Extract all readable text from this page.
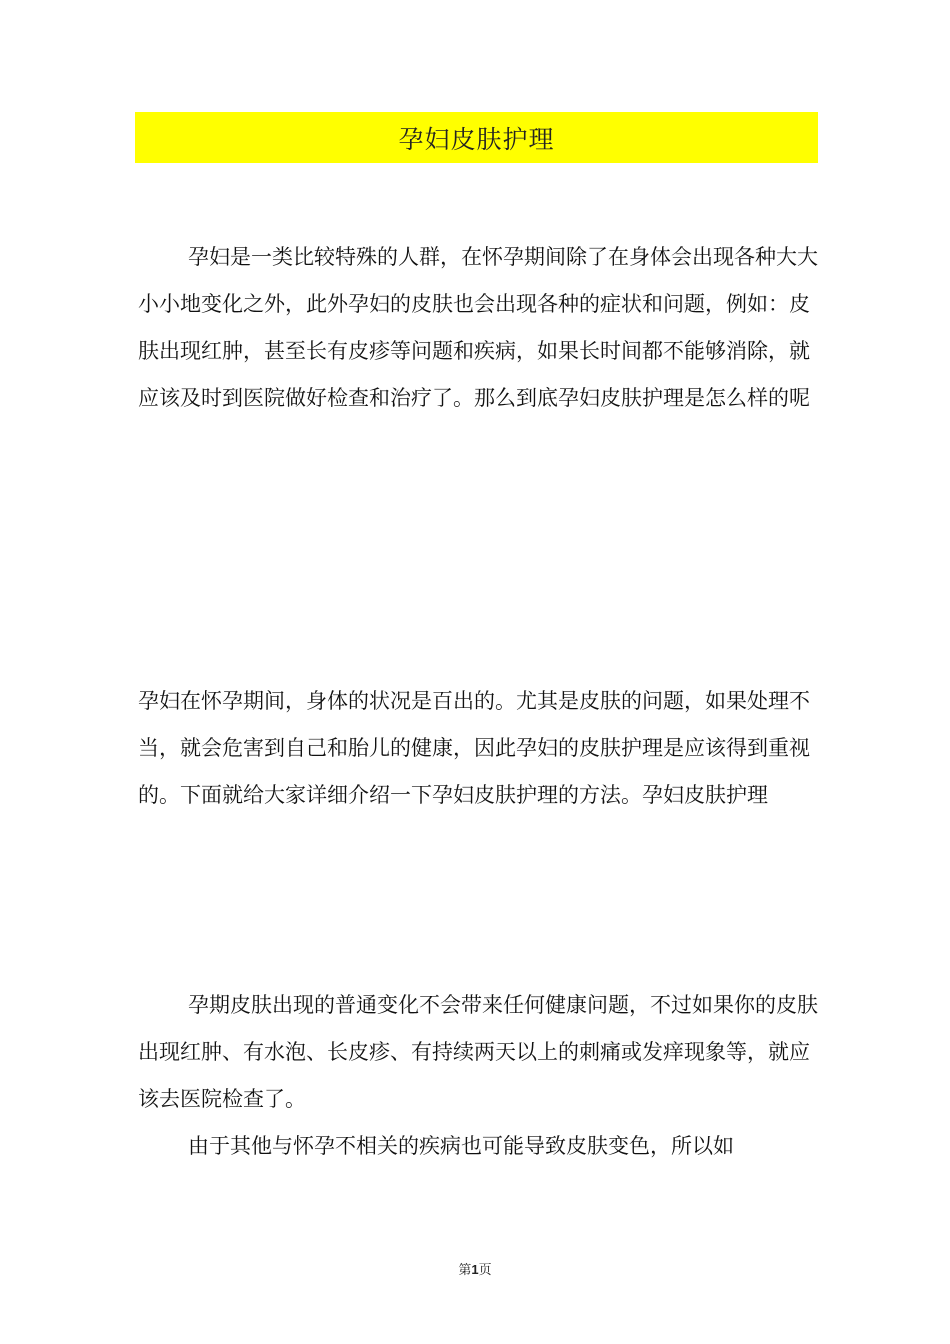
孕妇皮肤护理

孕妇是一类比较特殊的人群，在怀孕期间除了在身体会出现各种大大小小地变化之外，此外孕妇的皮肤也会出现各种的症状和问题，例如：皮肤出现红肿，甚至长有皮疹等问题和疾病，如果长时间都不能够消除，就应该及时到医院做好检查和治疗了。那么到底孕妇皮肤护理是怎么样的呢

孕妇在怀孕期间，身体的状况是百出的。尤其是皮肤的问题，如果处理不当，就会危害到自己和胎儿的健康，因此孕妇的皮肤护理是应该得到重视的。下面就给大家详细介绍一下孕妇皮肤护理的方法。孕妇皮肤护理

孕期皮肤出现的普通变化不会带来任何健康问题，不过如果你的皮肤出现红肿、有水泡、长皮疹、有持续两天以上的刺痛或发痒现象等，就应该去医院检查了。

由于其他与怀孕不相关的疾病也可能导致皮肤变色，所以如

第1页
